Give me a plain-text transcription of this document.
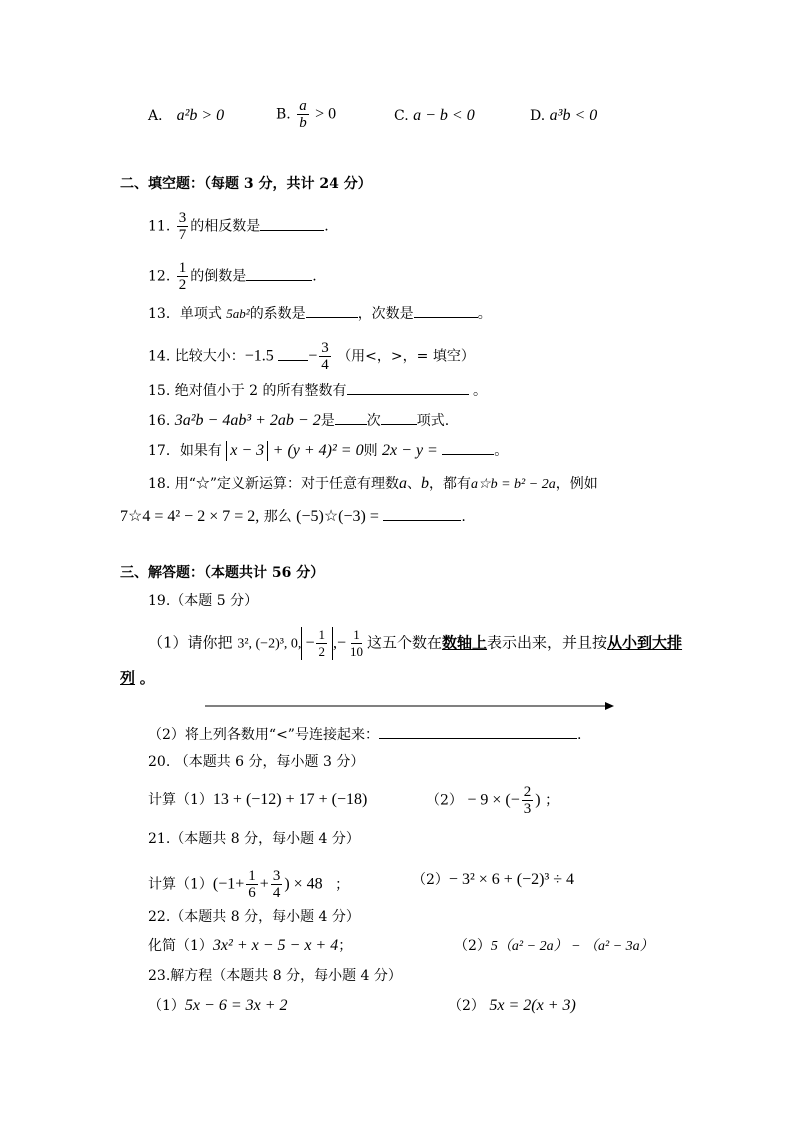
A． a²b > 0	B. $\frac{a}{b} > 0$	C. a − b < 0	D. a³b < 0
二、填空题：（每题 3 分，共计 24 分）
11. $\frac{3}{7}$ 的相反数是	.
12. $\frac{1}{2}$ 的倒数是	.
13．单项式 5ab²的系数是	，次数是	。
14. 比较大小：$-1.5 - \frac{3}{4}$ （用<，>，= 填空）
15. 绝对值小于 2 的所有整数有	。
16. 3a²b − 4ab³ + 2ab − 2是 次	项式.
17．如果有 x − 3 + (y + 4)² = 0则 2x − y =	。
18. 用“☆”定义新运算：对于任意有理数a、b，都有a☆b = b² − 2a，例如
7☆4 = 4² − 2 × 7 = 2, 那么 (−5)☆(−3) =	.
三、解答题：（本题共计 56 分）
19.（本题 5 分）
（1）请你把 3², (−2)³, 0, − $\frac{1}{2}$ ,− $\frac{1}{10}$ 这五个数在数轴上表示出来，并且按从小到大排
列 。
（2）将上列各数用“<”号连接起来：	.
20. （本题共 6 分，每小题 3 分）
计算（1）13 + (−12) + 17 + (−18)	（2） − 9 × (− $\frac{2}{3}$ ) ；
21.（本题共 8 分，每小题 4 分）
计算$(1)(-1+ \frac{1}{6} + \frac{3}{4}$ ) × 48 ；	（2）− 3² × 6 + (−2)³ ÷ 4
22.（本题共 8 分，每小题 4 分）
化简（1）3x² + x − 5 − x + 4；	（2）5（a² − 2a） − （a² − 3a）
23.解方程（本题共 8 分，每小题 4 分）
（1）5x − 6 = 3x + 2	（2） 5x = 2(x + 3)
